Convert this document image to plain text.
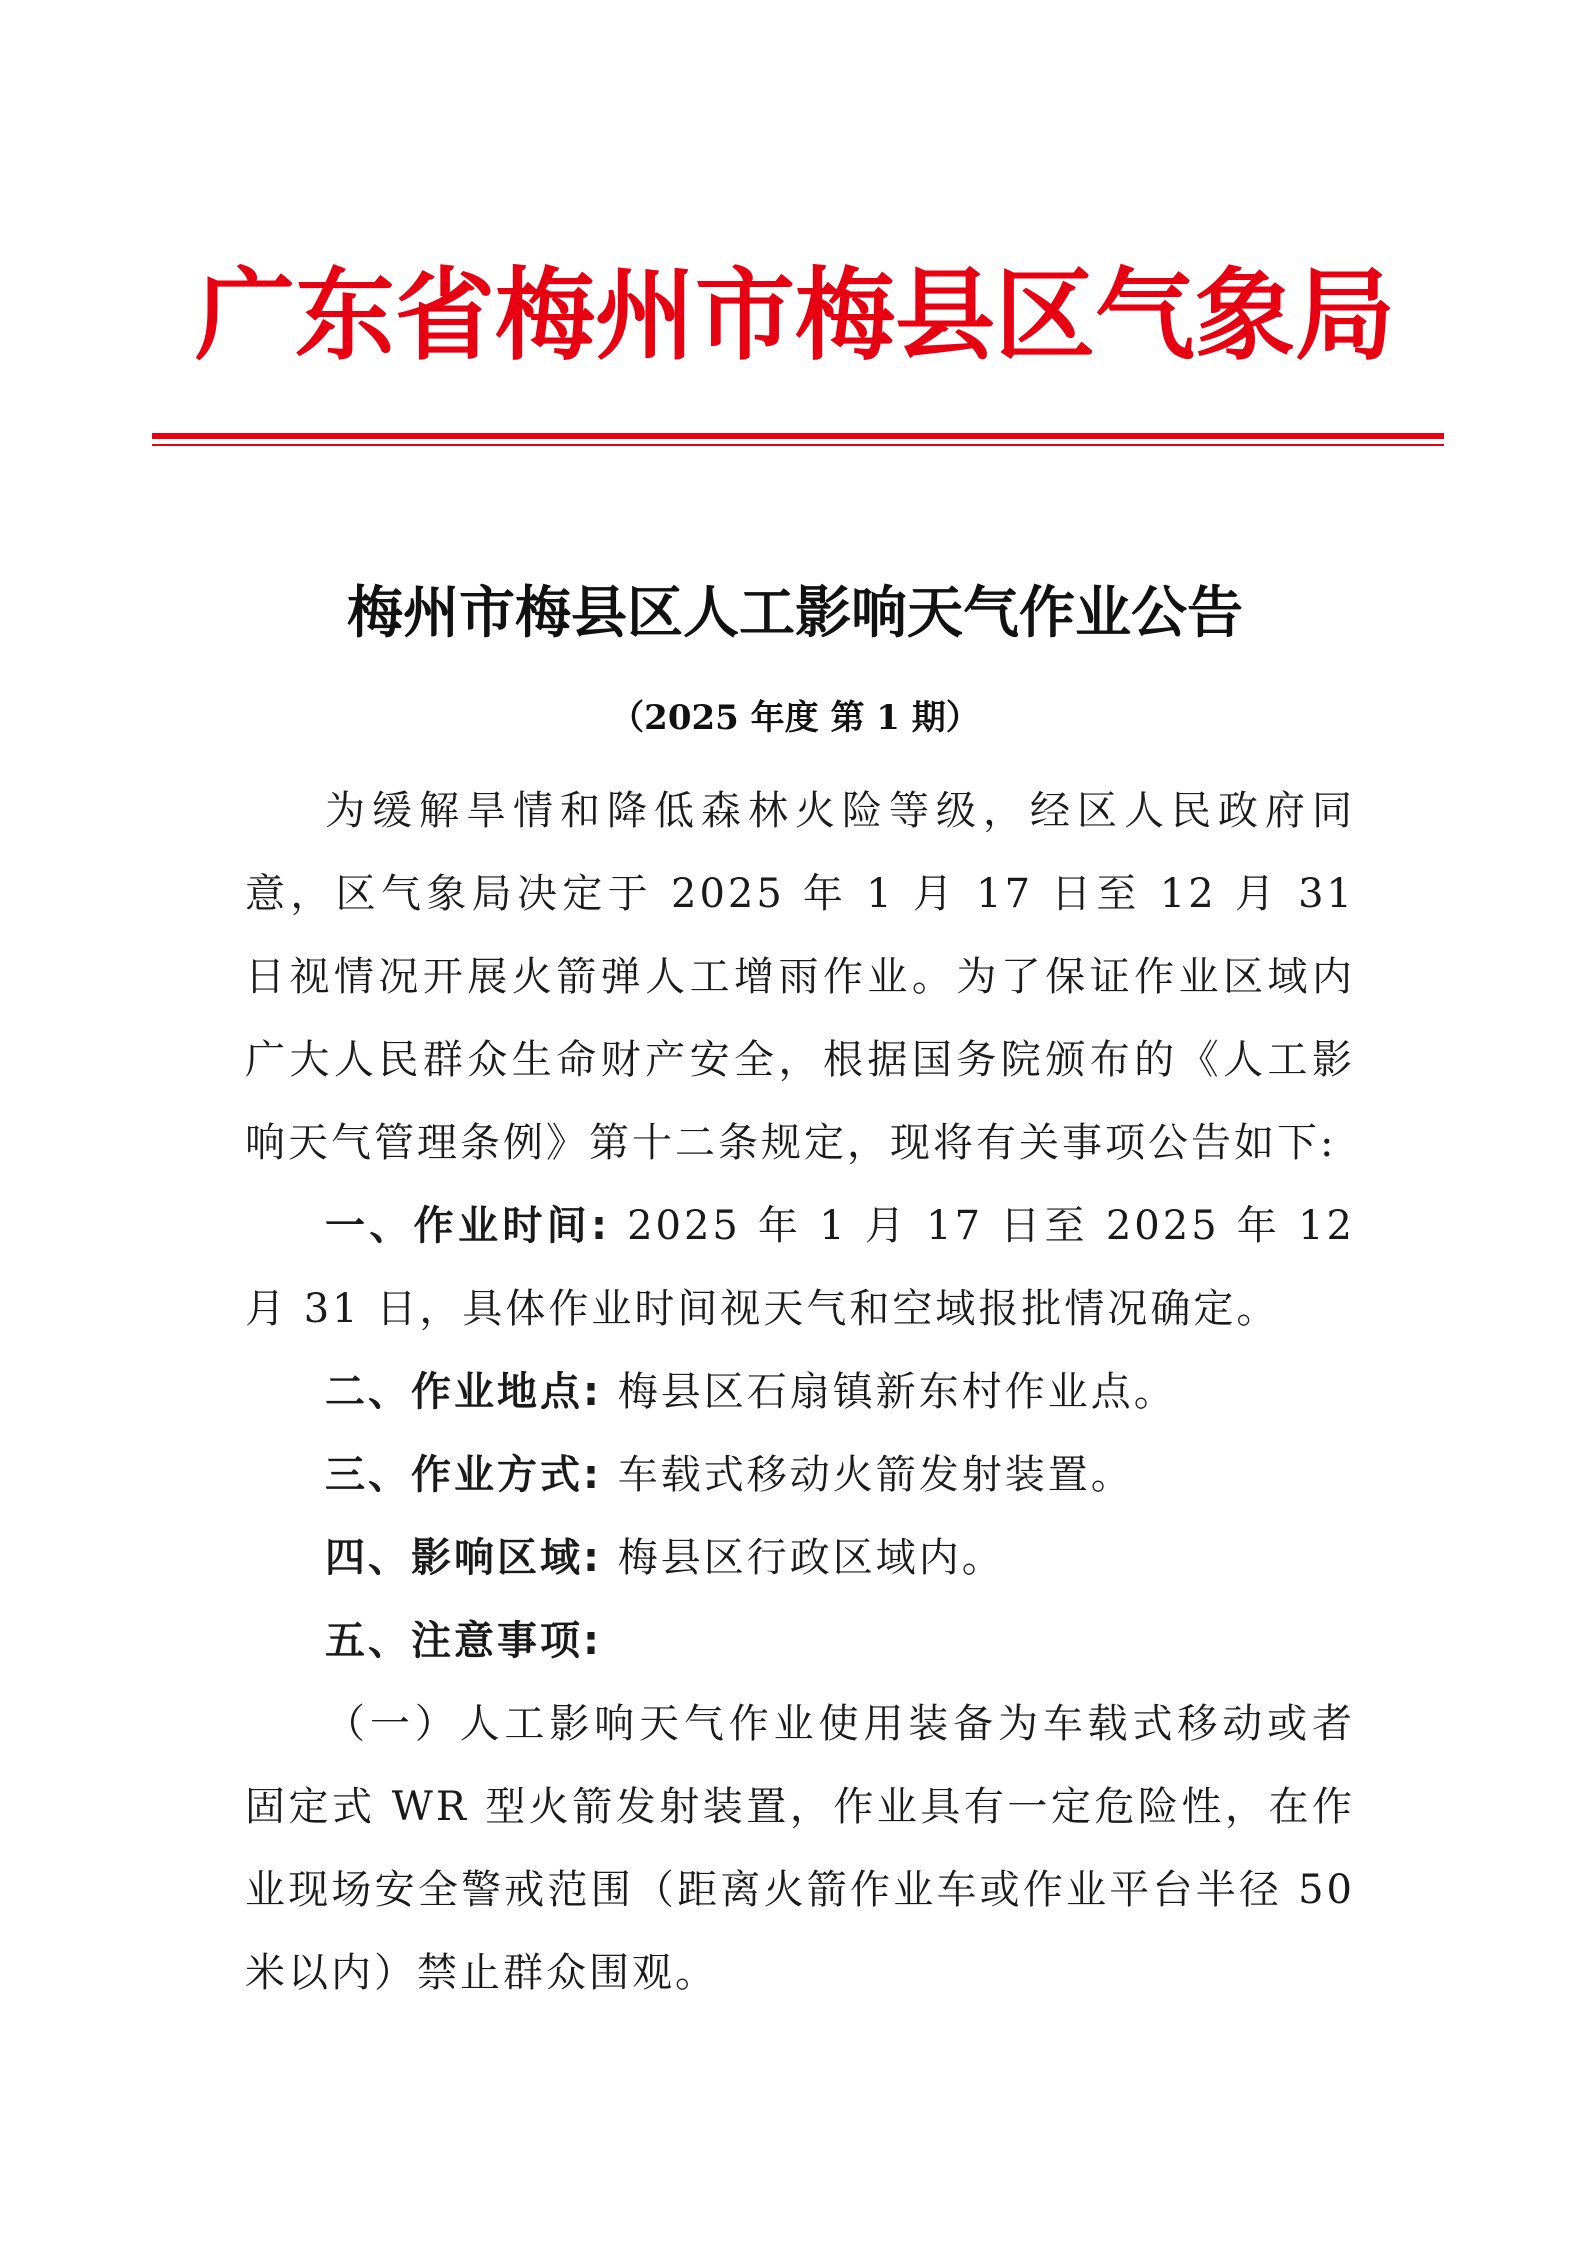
广东省梅州市梅县区气象局
梅州市梅县区人工影响天气作业公告
（2025 年度 第 1 期）

为缓解旱情和降低森林火险等级，经区人民政府同意，区气象局决定于 2025 年 1 月 17 日至 12 月 31 日视情况开展火箭弹人工增雨作业。为了保证作业区域内广大人民群众生命财产安全，根据国务院颁布的《人工影响天气管理条例》第十二条规定，现将有关事项公告如下:

一、作业时间: 2025 年 1 月 17 日至 2025 年 12 月 31 日，具体作业时间视天气和空域报批情况确定。

二、作业地点: 梅县区石扇镇新东村作业点。

三、作业方式: 车载式移动火箭发射装置。

四、影响区域: 梅县区行政区域内。

五、注意事项:

（一）人工影响天气作业使用装备为车载式移动或者固定式 WR 型火箭发射装置，作业具有一定危险性，在作业现场安全警戒范围（距离火箭作业车或作业平台半径 50 米以内）禁止群众围观。
